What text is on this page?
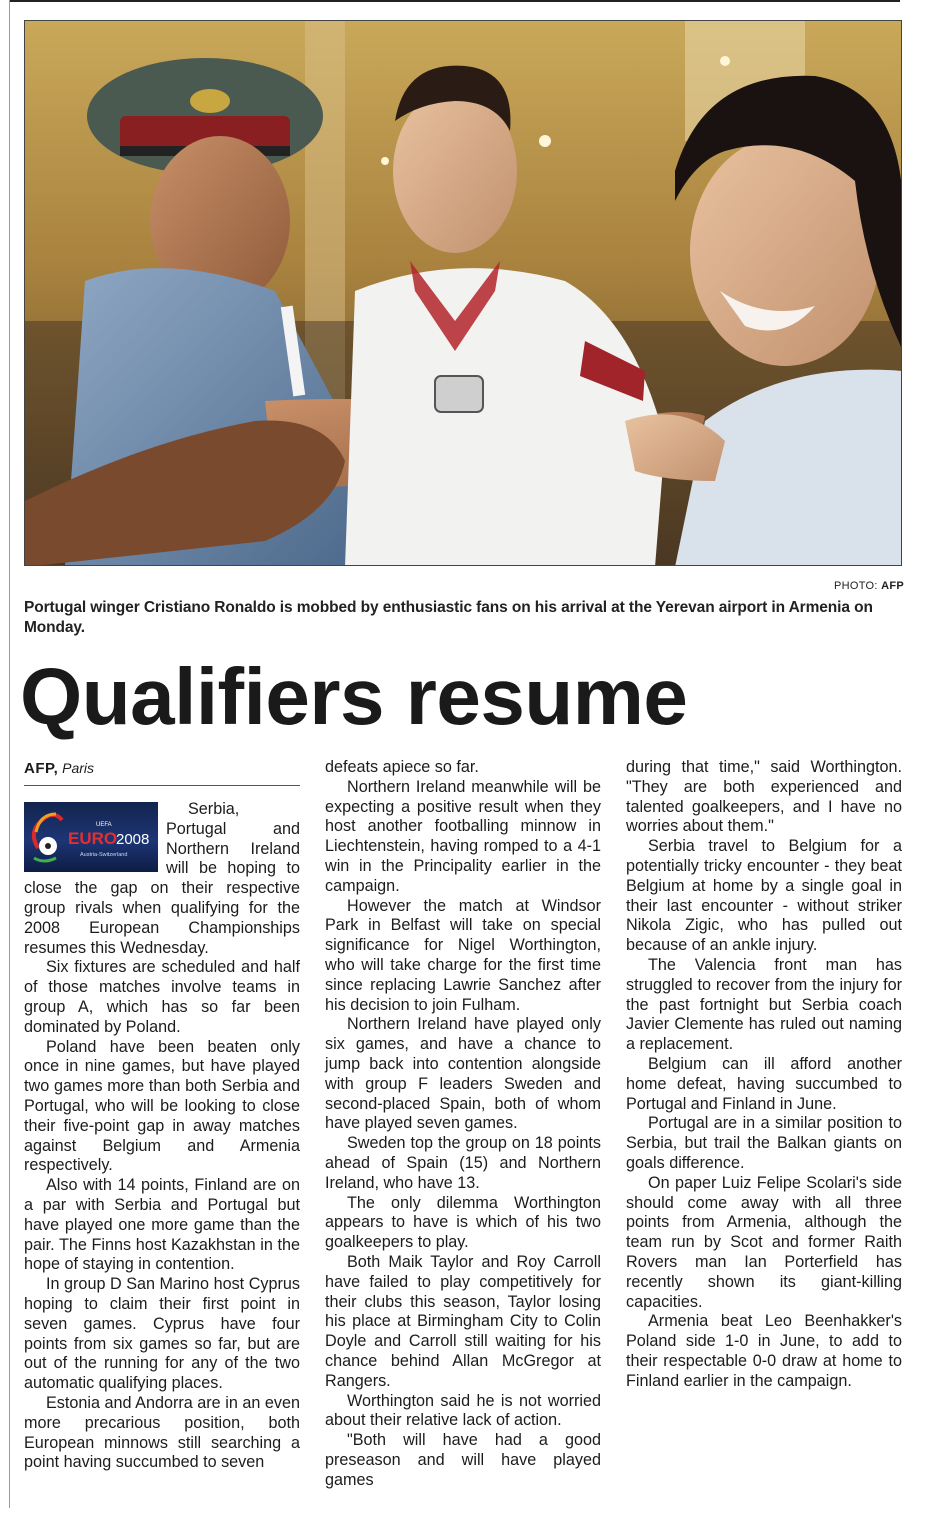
PHOTO: AFP
Portugal winger Cristiano Ronaldo is mobbed by enthusiastic fans on his arrival at the Yerevan airport in Armenia on Monday.
Qualifiers resume
AFP, Paris
UEFA
EURO
2008
Austria-Switzerland

Serbia, Portugal and Northern Ireland will be hoping to close the gap on their respective group rivals when qualifying for the 2008 European Championships resumes this Wednesday.

Six fixtures are scheduled and half of those matches involve teams in group A, which has so far been dominated by Poland.

Poland have been beaten only once in nine games, but have played two games more than both Serbia and Portugal, who will be looking to close their five-point gap in away matches against Belgium and Armenia respectively.

Also with 14 points, Finland are on a par with Serbia and Portugal but have played one more game than the pair. The Finns host Kazakhstan in the hope of staying in contention.

In group D San Marino host Cyprus hoping to claim their first point in seven games. Cyprus have four points from six games so far, but are out of the running for any of the two automatic qualifying places.

Estonia and Andorra are in an even more precarious position, both European minnows still searching a point having succumbed to seven

defeats apiece so far.

Northern Ireland meanwhile will be expecting a positive result when they host another footballing minnow in Liechtenstein, having romped to a 4-1 win in the Principality earlier in the campaign.

However the match at Windsor Park in Belfast will take on special significance for Nigel Worthington, who will take charge for the first time since replacing Lawrie Sanchez after his decision to join Fulham.

Northern Ireland have played only six games, and have a chance to jump back into contention alongside with group F leaders Sweden and second-placed Spain, both of whom have played seven games.

Sweden top the group on 18 points ahead of Spain (15) and Northern Ireland, who have 13.

The only dilemma Worthington appears to have is which of his two goalkeepers to play.

Both Maik Taylor and Roy Carroll have failed to play competitively for their clubs this season, Taylor losing his place at Birmingham City to Colin Doyle and Carroll still waiting for his chance behind Allan McGregor at Rangers.

Worthington said he is not worried about their relative lack of action.

"Both will have had a good preseason and will have played games

during that time," said Worthington. "They are both experienced and talented goalkeepers, and I have no worries about them."

Serbia travel to Belgium for a potentially tricky encounter - they beat Belgium at home by a single goal in their last encounter - without striker Nikola Zigic, who has pulled out because of an ankle injury.

The Valencia front man has struggled to recover from the injury for the past fortnight but Serbia coach Javier Clemente has ruled out naming a replacement.

Belgium can ill afford another home defeat, having succumbed to Portugal and Finland in June.

Portugal are in a similar position to Serbia, but trail the Balkan giants on goals difference.

On paper Luiz Felipe Scolari's side should come away with all three points from Armenia, although the team run by Scot and former Raith Rovers man Ian Porterfield has recently shown its giant-killing capacities.

Armenia beat Leo Beenhakker's Poland side 1-0 in June, to add to their respectable 0-0 draw at home to Finland earlier in the campaign.
